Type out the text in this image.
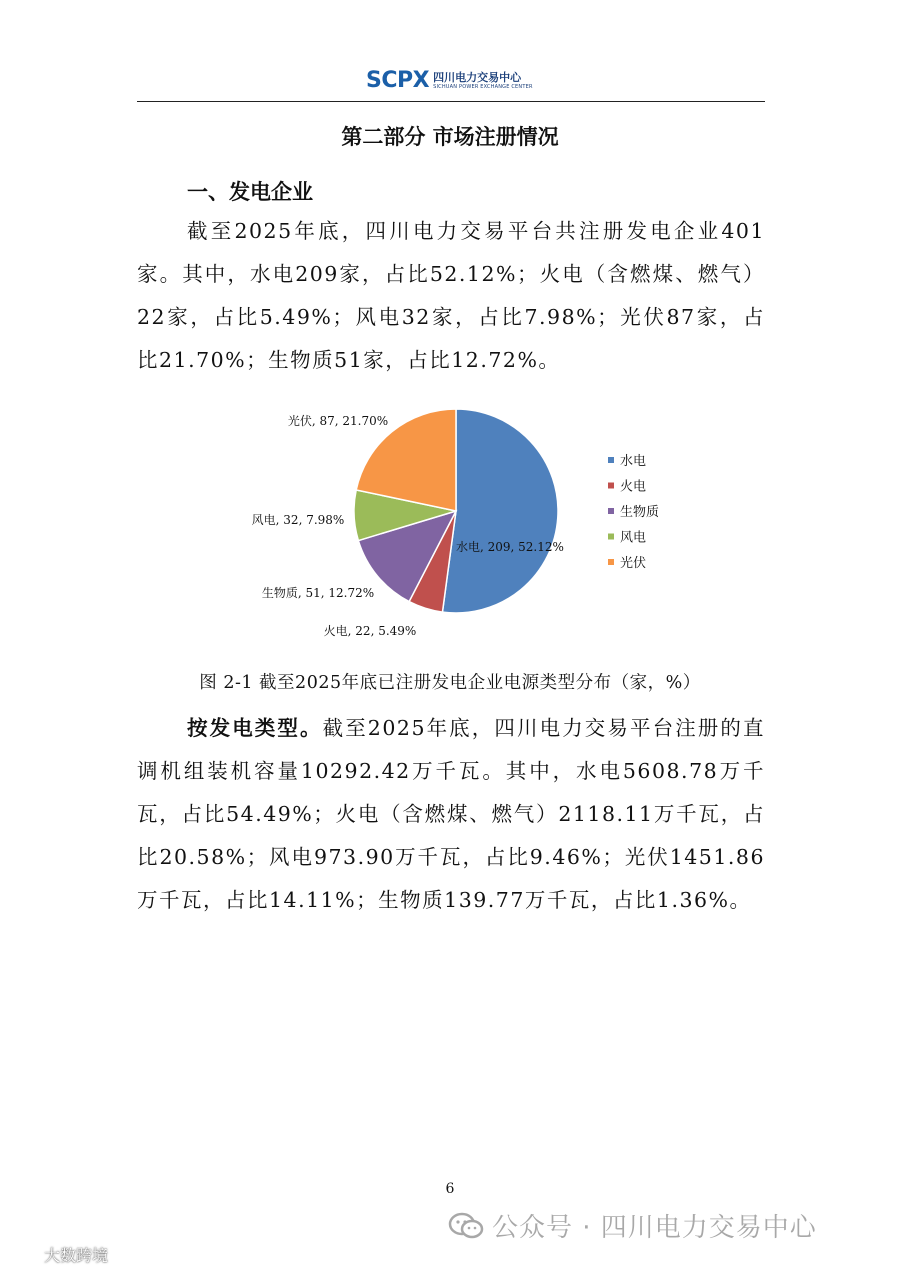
SCPX 四川电力交易中心
SICHUAN POWER EXCHANGE CENTER
第二部分 市场注册情况
一、发电企业
截至2025年底，四川电力交易平台共注册发电企业401家。其中，水电209家，占比52.12%；火电（含燃煤、燃气）22家，占比5.49%；风电32家，占比7.98%；光伏87家，占比21.70%；生物质51家，占比12.72%。
水电, 209, 52.12%
火电, 22, 5.49%
生物质, 51, 12.72%
风电, 32, 7.98%
光伏, 87, 21.70%
水电
火电
生物质
风电
光伏
图 2-1 截至2025年底已注册发电企业电源类型分布（家，%）
按发电类型。截至2025年底，四川电力交易平台注册的直调机组装机容量10292.42万千瓦。其中，水电5608.78万千瓦，占比54.49%；火电（含燃煤、燃气）2118.11万千瓦，占比20.58%；风电973.90万千瓦，占比9.46%；光伏1451.86万千瓦，占比14.11%；生物质139.77万千瓦，占比1.36%。
6
公众号 · 四川电力交易中心
大数跨境
